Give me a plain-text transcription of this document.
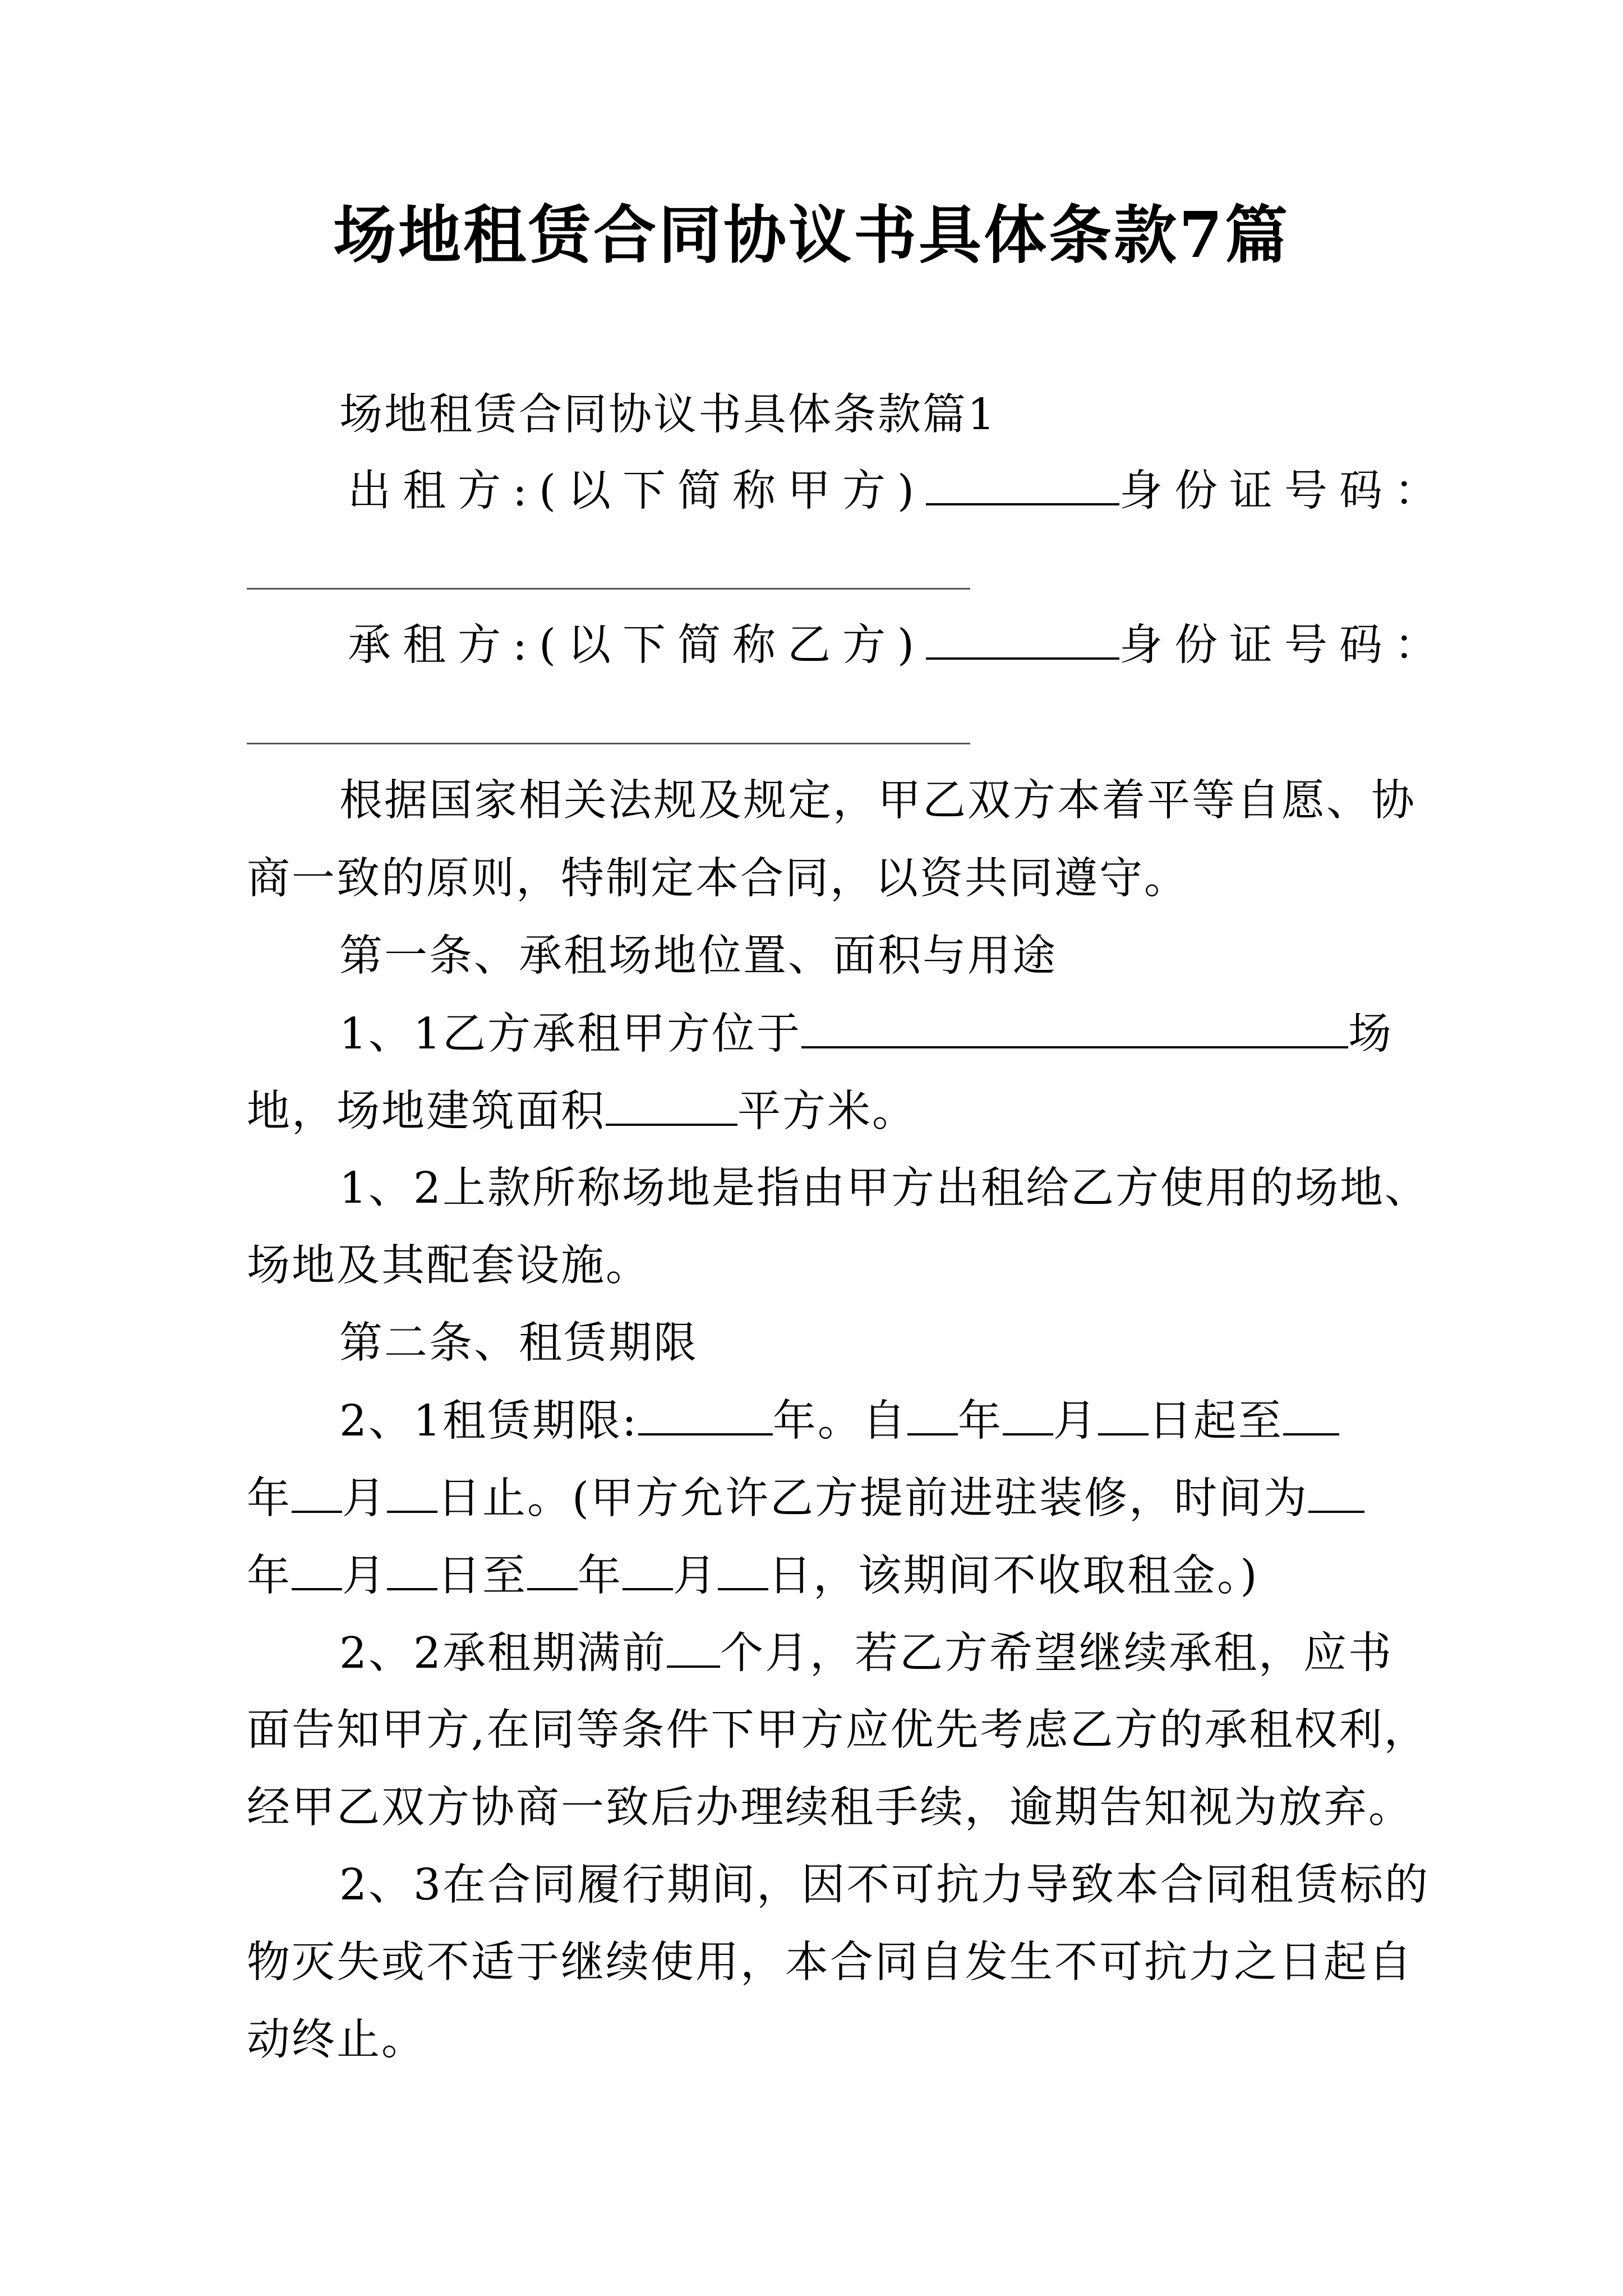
场地租赁合同协议书具体条款7篇
场地租赁合同协议书具体条款篇1
出租方:(以下简称甲方)	身份证号码：
承租方:(以下简称乙方)	身份证号码：
根据国家相关法规及规定，甲乙双方本着平等自愿、协
商一致的原则，特制定本合同，以资共同遵守。
第一条、承租场地位置、面积与用途
1、1乙方承租甲方位于	场
地，场地建筑面积	平方米。
1、2上款所称场地是指由甲方出租给乙方使用的场地、
场地及其配套设施。
第二条、租赁期限
2、1租赁期限:	年。自 年 月 日起至
年 月 日止。(甲方允许乙方提前进驻装修，时间为
年 月 日至 年 月 日，该期间不收取租金。)
2、2承租期满前 个月，若乙方希望继续承租，应书
面告知甲方,在同等条件下甲方应优先考虑乙方的承租权利，
经甲乙双方协商一致后办理续租手续，逾期告知视为放弃。
2、3在合同履行期间，因不可抗力导致本合同租赁标的
物灭失或不适于继续使用，本合同自发生不可抗力之日起自
动终止。
